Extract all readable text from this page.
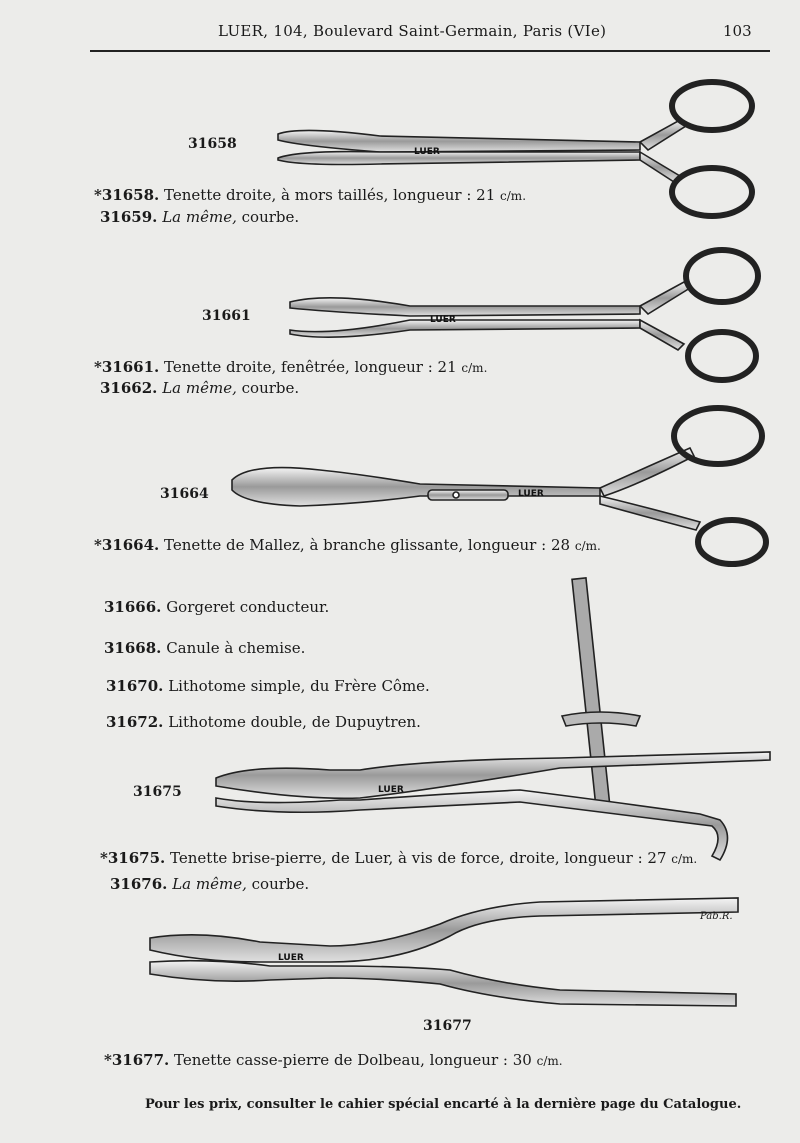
LUER, 104, Boulevard Saint-Germain, Paris (VIe)	103
LUER
LUER
LUER
LUER
LUER
31658
31661
31664
31675
31677
*31658. Tenette droite, à mors taillés, longueur : 21 c/m.
31659. La même, courbe.
*31661. Tenette droite, fenêtrée, longueur : 21 c/m.
31662. La même, courbe.
*31664. Tenette de Mallez, à branche glissante, longueur : 28 c/m.
31666. Gorgeret conducteur.
31668. Canule à chemise.
31670. Lithotome simple, du Frère Côme.
31672. Lithotome double, de Dupuytren.
*31675. Tenette brise-pierre, de Luer, à vis de force, droite, longueur : 27 c/m.
31676. La même, courbe.
*31677. Tenette casse-pierre de Dolbeau, longueur : 30 c/m.
Pab.R.
Pour les prix, consulter le cahier spécial encarté à la dernière page du Catalogue.
